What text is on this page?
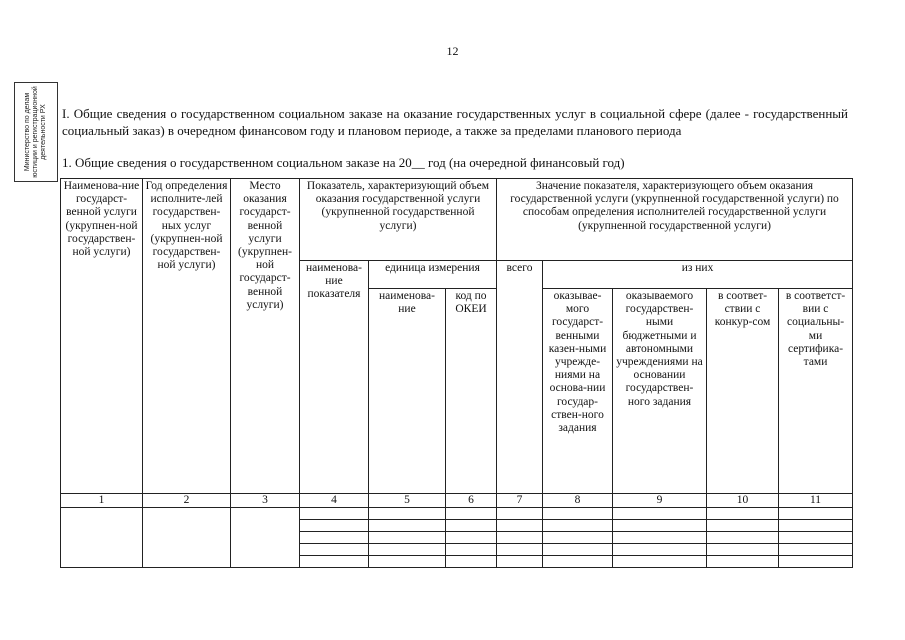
12
Министерство по делам юстиции и регистрационной деятельности РХ I. Общие сведения о государственном социальном заказе на оказание государственных услуг в социальной сфере (далее - государственный социальный заказ) в очередном финансовом году и плановом периоде, а также за пределами планового периода
1. Общие сведения о государственном социальном заказе на 20__ год (на очередной финансовый год)
Наименова-ние государст-венной услуги (укрупнен-ной государствен-ной услуги)	Год определения исполните-лей государствен-ных услуг (укрупнен-ной государствен-ной услуги)	Место оказания государст-венной услуги (укрупнен-ной государст-венной услуги)	Показатель, характеризующий объем оказания государственной услуги (укрупненной государственной услуги)			Значение показателя, характеризующего объем оказания государственной услуги (укрупненной государственной услуги) по способам определения исполнителей государственной услуги (укрупненной государственной услуги)				
			наименова-ние показателя	единица измерения		всего	из них			
				наименова-ние	код по ОКЕИ		оказывае-мого государст-венными казен-ными учрежде-ниями на основа-нии государ-ствен-ного задания	оказываемого государствен-ными бюджетными и автономными учреждениями на основании государствен-ного задания	в соответ-ствии с конкур-сом	в соответст-вии с социальны-ми сертифика-тами

1	2	3	4	5	6	7	8	9	10	11
